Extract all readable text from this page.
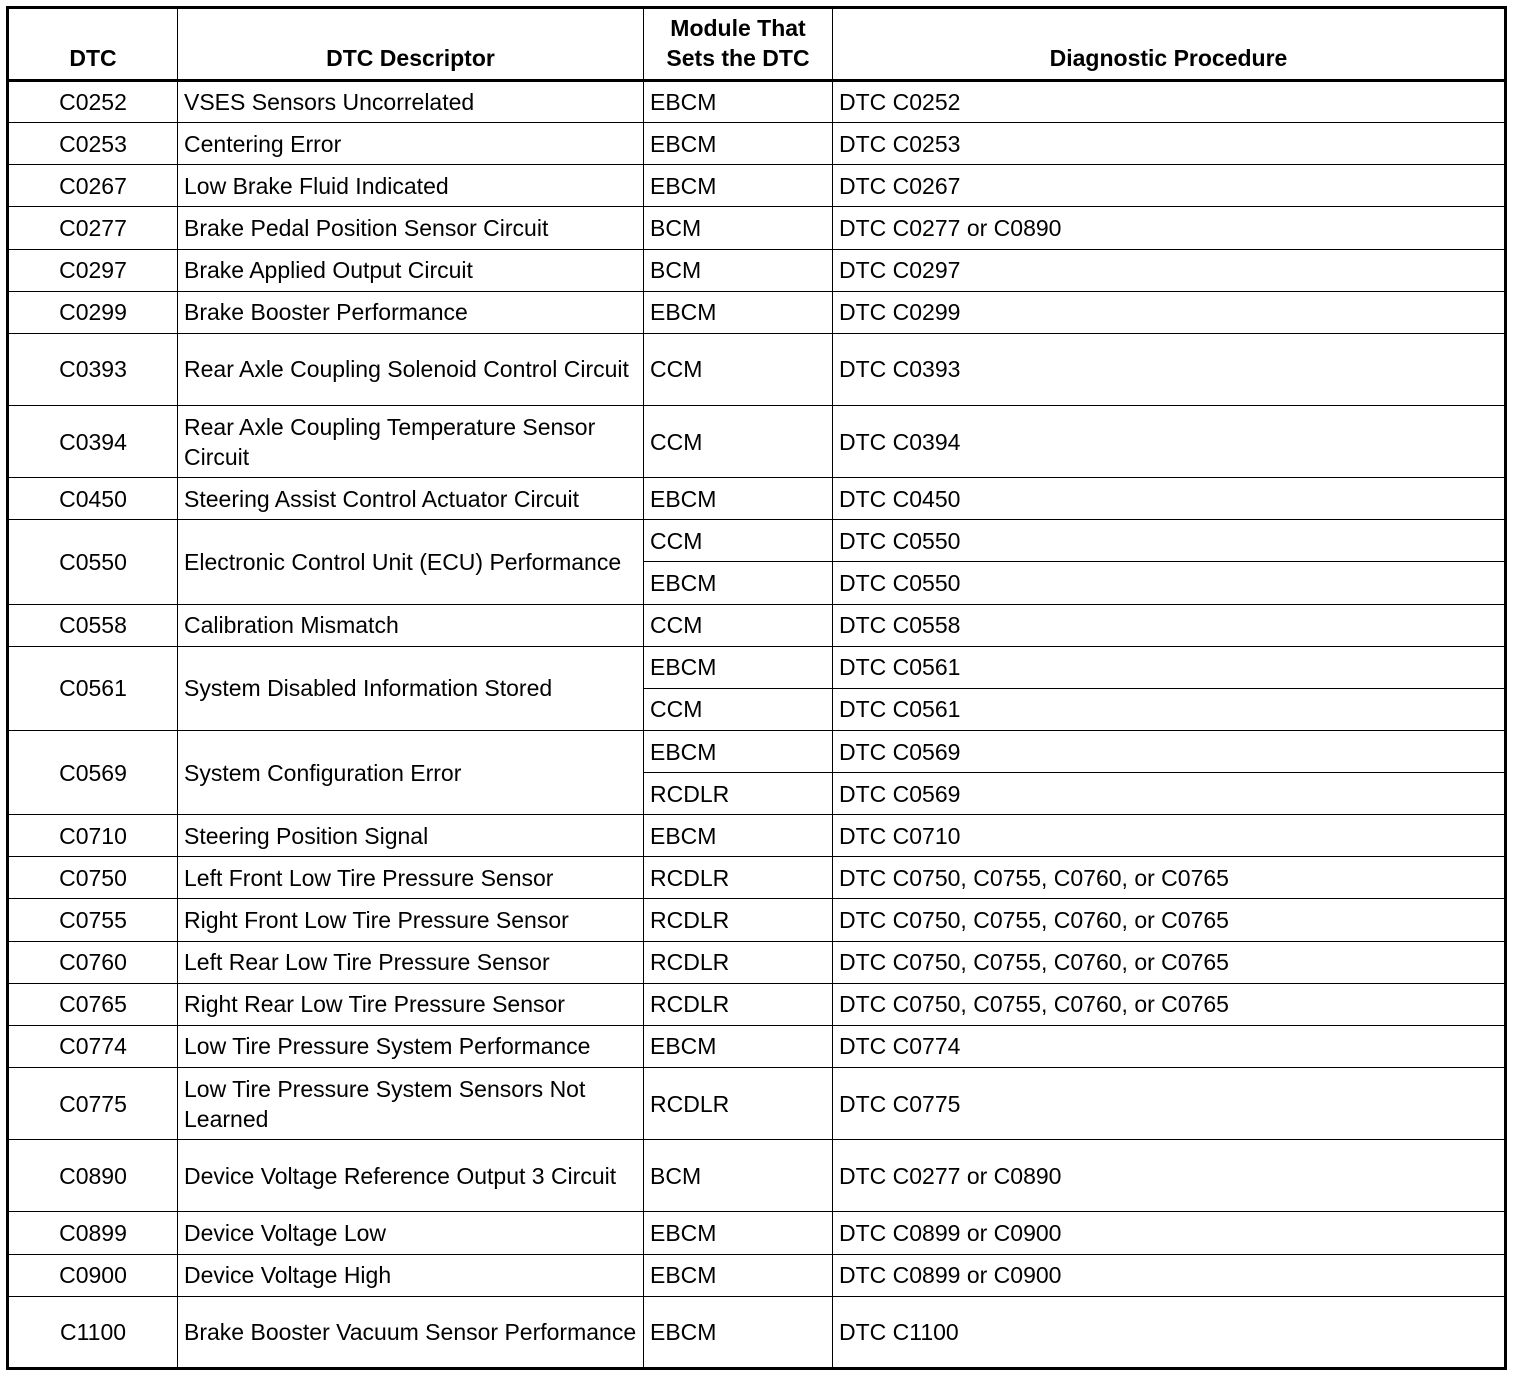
DTC	DTC Descriptor	Module That
Sets the DTC	Diagnostic Procedure
C0252	VSES Sensors Uncorrelated	EBCM	DTC C0252
C0253	Centering Error	EBCM	DTC C0253
C0267	Low Brake Fluid Indicated	EBCM	DTC C0267
C0277	Brake Pedal Position Sensor Circuit	BCM	DTC C0277 or C0890
C0297	Brake Applied Output Circuit	BCM	DTC C0297
C0299	Brake Booster Performance	EBCM	DTC C0299
C0393	Rear Axle Coupling Solenoid Control Circuit	CCM	DTC C0393
C0394	Rear Axle Coupling Temperature Sensor Circuit	CCM	DTC C0394
C0450	Steering Assist Control Actuator Circuit	EBCM	DTC C0450
C0550	Electronic Control Unit (ECU) Performance	CCM	DTC C0550
		EBCM	DTC C0550
C0558	Calibration Mismatch	CCM	DTC C0558
C0561	System Disabled Information Stored	EBCM	DTC C0561
		CCM	DTC C0561
C0569	System Configuration Error	EBCM	DTC C0569
		RCDLR	DTC C0569
C0710	Steering Position Signal	EBCM	DTC C0710
C0750	Left Front Low Tire Pressure Sensor	RCDLR	DTC C0750, C0755, C0760, or C0765
C0755	Right Front Low Tire Pressure Sensor	RCDLR	DTC C0750, C0755, C0760, or C0765
C0760	Left Rear Low Tire Pressure Sensor	RCDLR	DTC C0750, C0755, C0760, or C0765
C0765	Right Rear Low Tire Pressure Sensor	RCDLR	DTC C0750, C0755, C0760, or C0765
C0774	Low Tire Pressure System Performance	EBCM	DTC C0774
C0775	Low Tire Pressure System Sensors Not Learned	RCDLR	DTC C0775
C0890	Device Voltage Reference Output 3 Circuit	BCM	DTC C0277 or C0890
C0899	Device Voltage Low	EBCM	DTC C0899 or C0900
C0900	Device Voltage High	EBCM	DTC C0899 or C0900
C1100	Brake Booster Vacuum Sensor Performance	EBCM	DTC C1100
